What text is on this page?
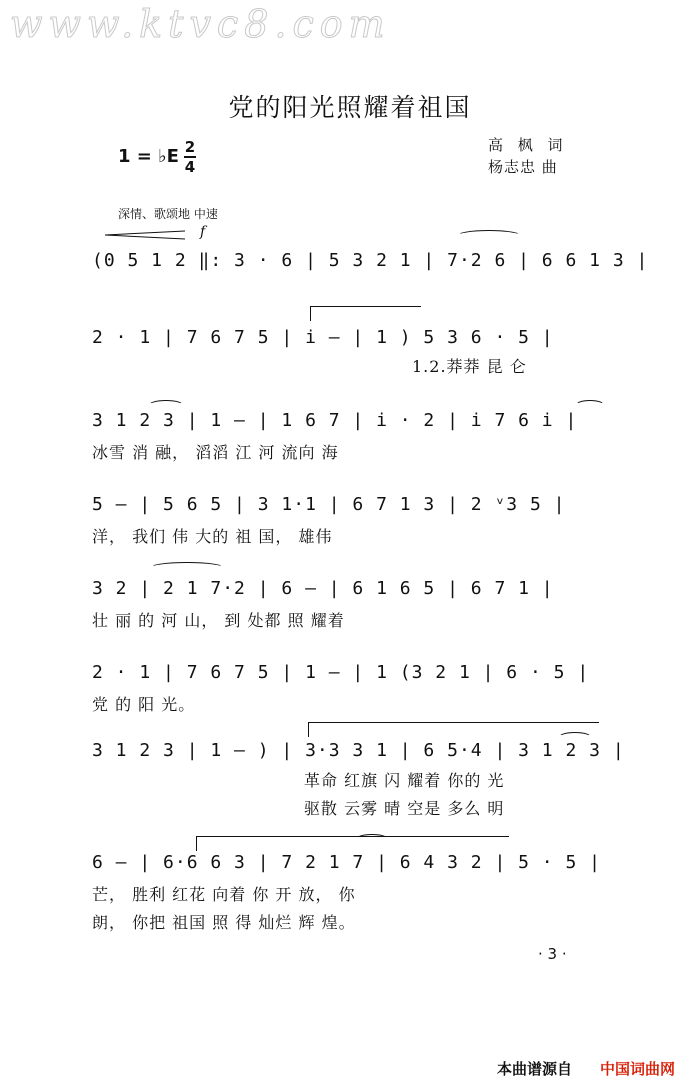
www.ktvc8.com
党的阳光照耀着祖国
1 = ♭E 2
4
高 枫 词
杨志忠 曲
深情、歌颂地 中速
f
(0 5 1 2 ‖: 3 · 6 | 5 3 2 1 | 7·2 6 | 6 6 1 3 |
2 · 1 | 7 6 7 5 | i — | 1 ) 5 3 6 · 5 |
1.2.莽莽 昆 仑
3 1 2 3 | 1 — | 1 6 7 | i · 2 | i 7 6 i |
冰雪 消 融， 滔滔 江 河 流向 海
5 — | 5 6 5 | 3 1·1 | 6 7 1 3 | 2 ᵛ3 5 |
洋， 我们 伟 大的 祖 国， 雄伟
3 2 | 2 1 7·2 | 6 — | 6 1 6 5 | 6 7 1 |
壮 丽 的 河 山， 到 处都 照 耀着
2 · 1 | 7 6 7 5 | 1 — | 1 (3 2 1 | 6 · 5 |
党 的 阳 光。
3 1 2 3 | 1 — ) | 3·3 3 1 | 6 5·4 | 3 1 2 3 |
革命 红旗 闪 耀着 你的 光
驱散 云雾 晴 空是 多么 明
6 — | 6·6 6 3 | 7 2 1 7 | 6 4 3 2 | 5 · 5 |
芒， 胜利 红花 向着 你 开 放， 你
朗， 你把 祖国 照 得 灿烂 辉 煌。
· 3 ·
本曲谱源自 中国词曲网
